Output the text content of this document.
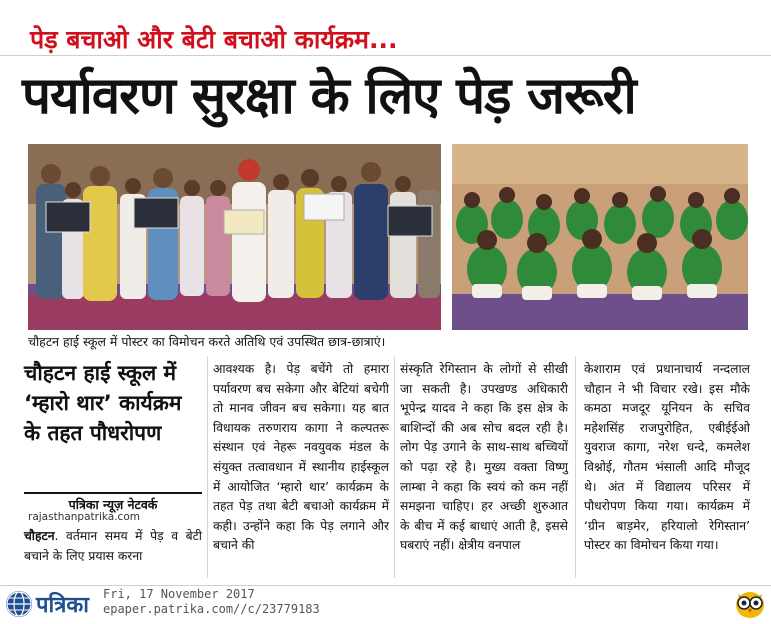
पेड़ बचाओ और बेटी बचाओ कार्यक्रम...
पर्यावरण सुरक्षा के लिए पेड़ जरूरी
चौहटन हाई स्कूल में पोस्टर का विमोचन करते अतिथि एवं उपस्थित छात्र-छात्राएं।
चौहटन हाई स्कूल में ‘म्हारो थार’ कार्यक्रम के तहत पौधरोपण
पत्रिका न्यूज़ नेटवर्क
rajasthanpatrika.com
चौहटन. वर्तमान समय में पेड़ व बेटी बचाने के लिए प्रयास करना
आवश्यक है। पेड़ बचेंगे तो हमारा पर्यावरण बच सकेगा और बेटियां बचेगी तो मानव जीवन बच सकेगा। यह बात विधायक तरुणराय कागा ने कल्पतरू संस्थान एवं नेहरू नवयुवक मंडल के संयुक्त तत्वावधान में स्थानीय हाईस्कूल में आयोजित ‘म्हारो थार’ कार्यक्रम के तहत पेड़ तथा बेटी बचाओ कार्यक्रम में कही। उन्होंने कहा कि पेड़ लगाने और बचाने की
संस्कृति रेगिस्तान के लोगों से सीखी जा सकती है। उपखण्ड अधिकारी भूपेन्द्र यादव ने कहा कि इस क्षेत्र के बाशिन्दों की अब सोच बदल रही है। लोग पेड़ उगाने के साथ-साथ बच्चियों को पढ़ा रहे है। मुख्य वक्ता विष्णु लाम्बा ने कहा कि स्वयं को कम नहीं समझना चाहिए। हर अच्छी शुरुआत के बीच में कई बाधाएं आती है, इससे घबराएं नहीं। क्षेत्रीय वनपाल
केशाराम एवं प्रधानाचार्य नन्दलाल चौहान ने भी विचार रखे। इस मौके कमठा मजदूर यूनियन के सचिव महेशसिंह राजपुरोहित, एबीईईओ युवराज कागा, नरेश धन्दे, कमलेश विश्नोई, गौतम भंसाली आदि मौजूद थे। अंत में विद्यालय परिसर में पौधरोपण किया गया। कार्यक्रम में ‘ग्रीन बाड़मेर, हरियालो रेगिस्तान’ पोस्टर का विमोचन किया गया।
पत्रिका Fri, 17 November 2017
epaper.patrika.com//c/23779183
